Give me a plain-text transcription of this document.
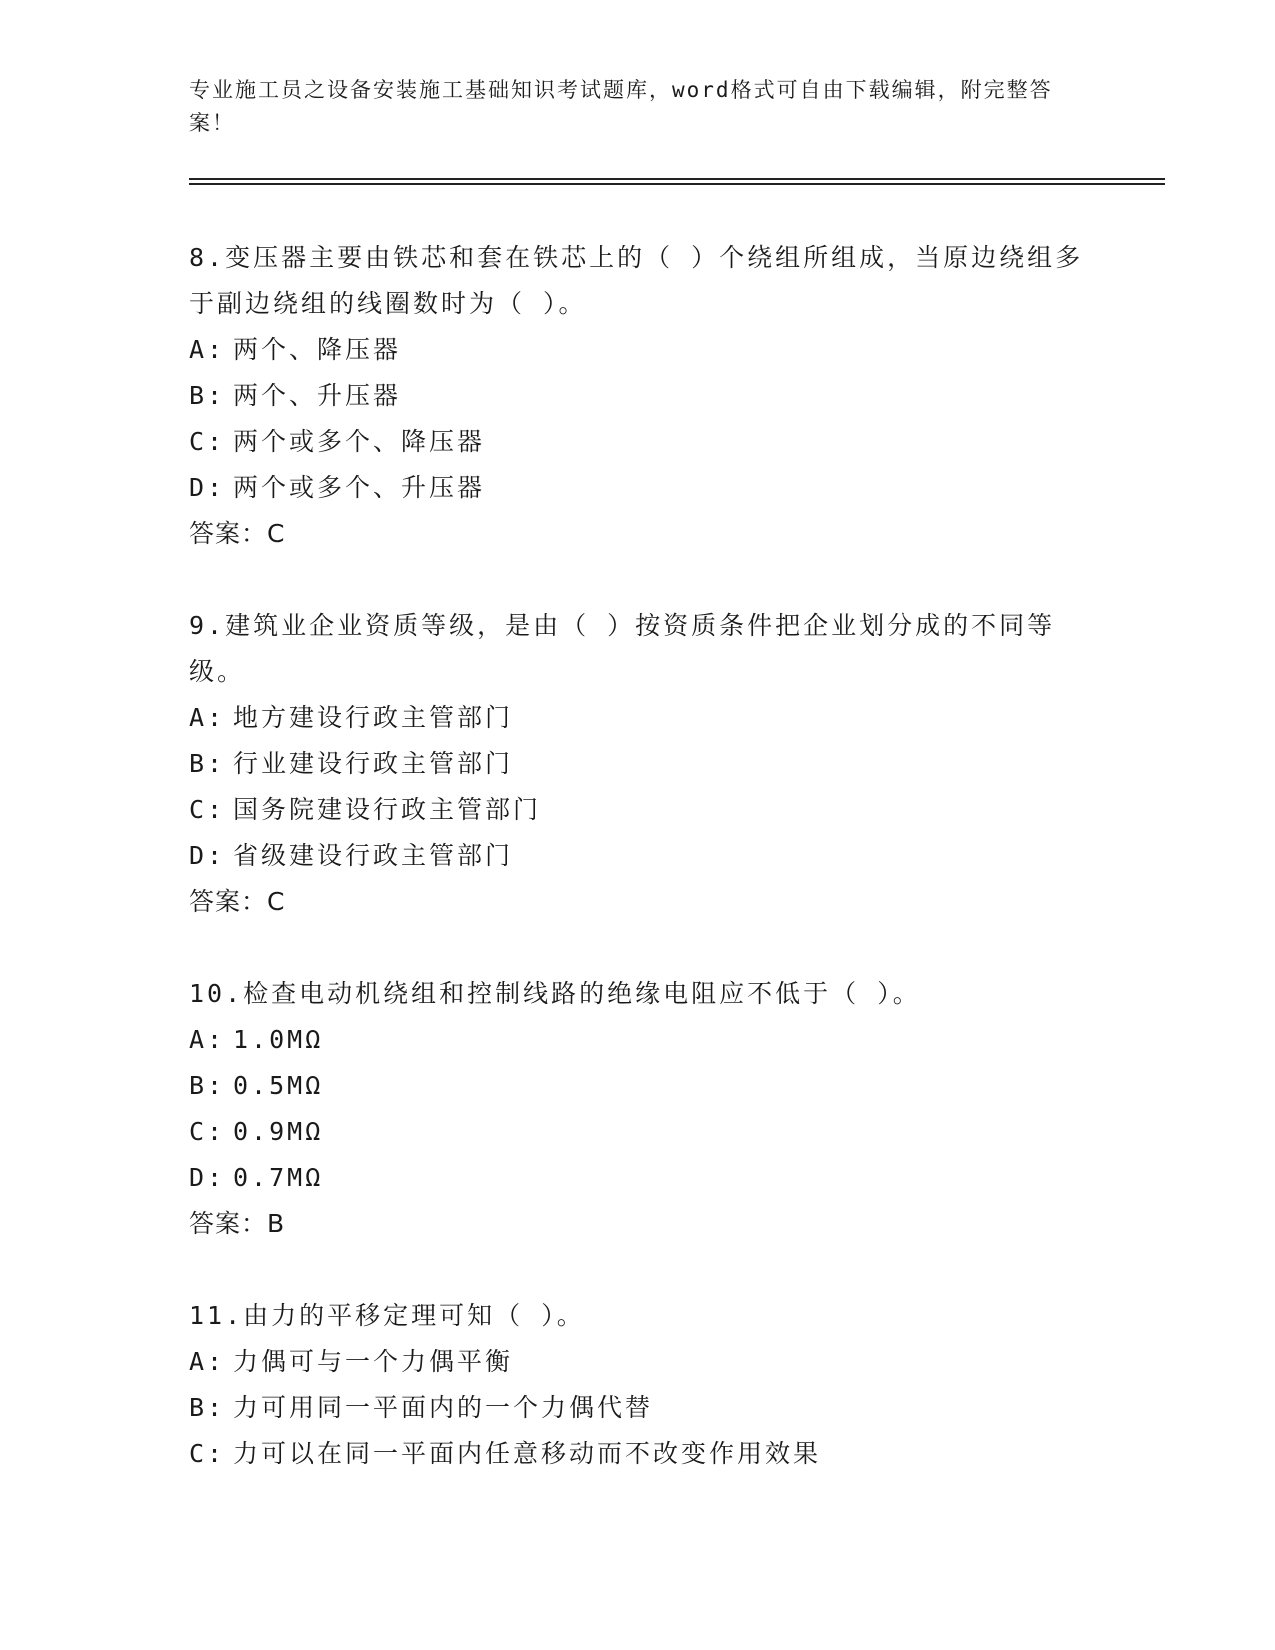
专业施工员之设备安装施工基础知识考试题库，word格式可自由下载编辑，附完整答案！

8.变压器主要由铁芯和套在铁芯上的（ ）个绕组所组成，当原边绕组多于副边绕组的线圈数时为（ ）。

A: 两个、降压器
B: 两个、升压器
C: 两个或多个、降压器
D: 两个或多个、升压器
答案：C

9.建筑业企业资质等级，是由（ ）按资质条件把企业划分成的不同等级。

A: 地方建设行政主管部门
B: 行业建设行政主管部门
C: 国务院建设行政主管部门
D: 省级建设行政主管部门
答案：C

10.检查电动机绕组和控制线路的绝缘电阻应不低于（ ）。

A: 1.0MΩ
B: 0.5MΩ
C: 0.9MΩ
D: 0.7MΩ
答案：B

11.由力的平移定理可知（ ）。

A: 力偶可与一个力偶平衡
B: 力可用同一平面内的一个力偶代替
C: 力可以在同一平面内任意移动而不改变作用效果
